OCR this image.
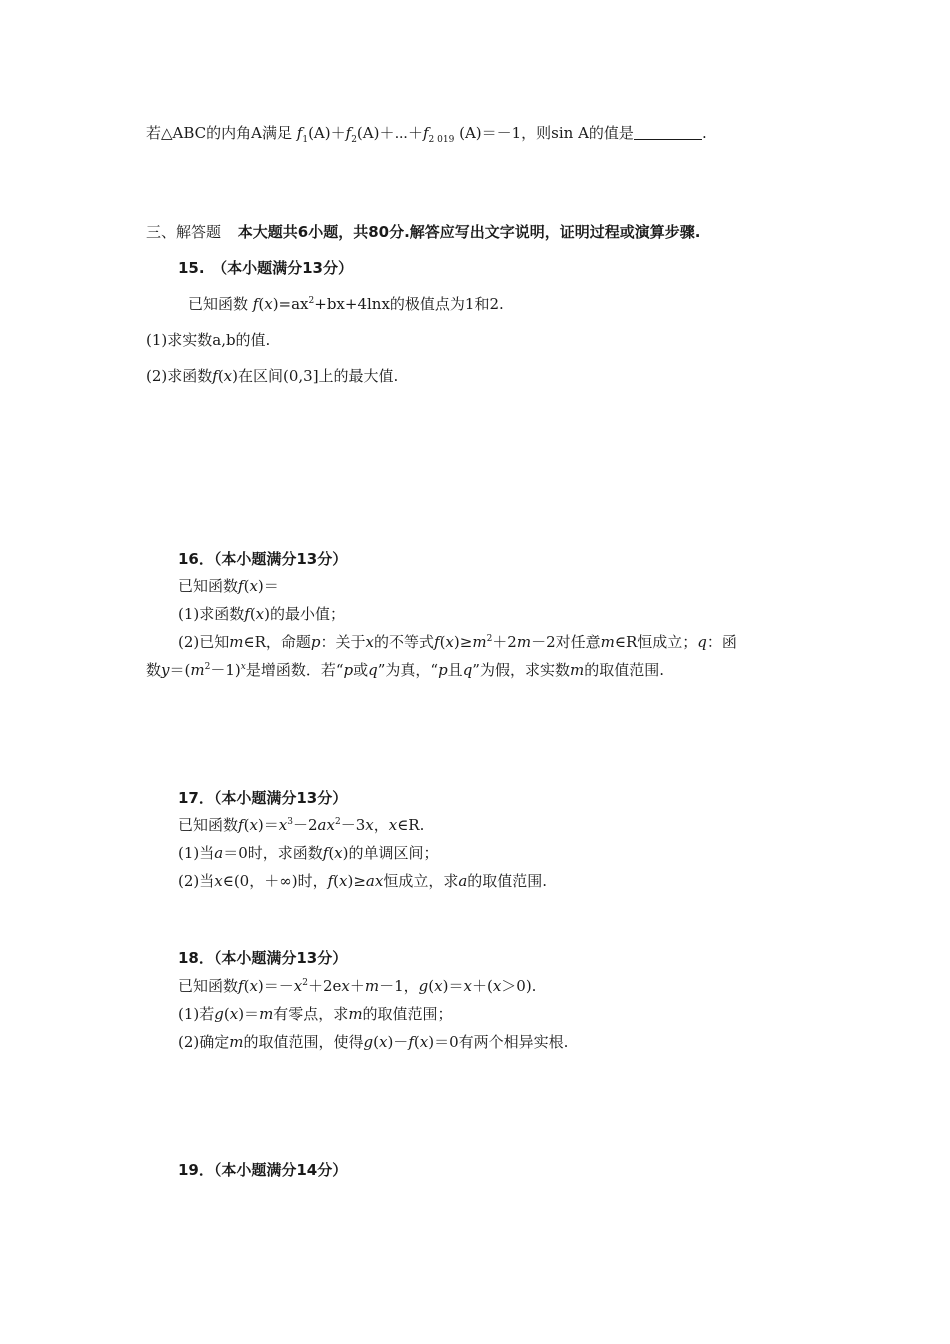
若△ABC的内角A满足 $f_1(A)+f_2(A)+\cdots+f_{2 019}$ (A)＝－1，则sin A的值是	.
三、解答题 本大题共6小题，共80分.解答应写出文字说明，证明过程或演算步骤.
15.　（本小题满分13分）
已知函数 $f(x)=ax^2+bx+4\ln x$的极值点为1和2.
(1)求实数a,b的值.
(2)求函数f(x)在区间(0,3]上的最大值.
16．（本小题满分13分）
已知函数f(x)＝
(1)求函数f(x)的最小值；
(2)已知m∈R，命题p：关于x的不等式$f(x)\ge m^2+2m-2$对任意m∈R恒成立；q：函
数$y=(m^2-1)^x$是增函数．若“p或q”为真，“p且q”为假，求实数m的取值范围.
17．（本小题满分13分）
已知函数$f(x)=x^3-2ax^2-3x$，x∈R.
(1)当a＝0时，求函数f(x)的单调区间；
(2)当x∈(0，＋∞)时，f(x)≥ax恒成立，求a的取值范围.
18．（本小题满分13分）
已知函数$f(x)=-x^2+2ex+m-1$，g(x)＝x＋(x＞0).
(1)若g(x)＝m有零点，求m的取值范围；
(2)确定m的取值范围，使得g(x)－f(x)＝0有两个相异实根.
19．（本小题满分14分）
